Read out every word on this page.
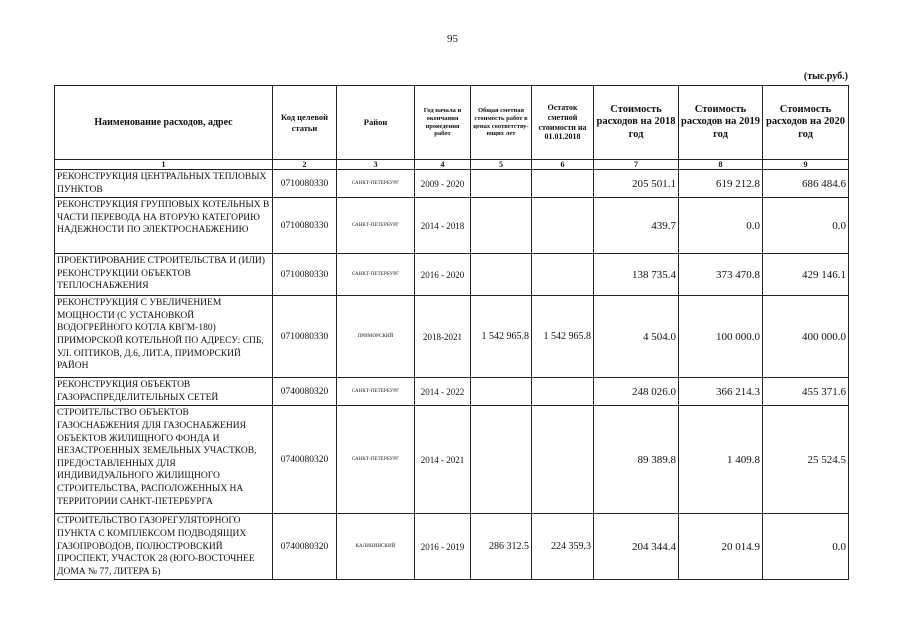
95
(тыс.руб.)
Наименование расходов, адрес	Код целевой статьи	Район	Год начала и окончания проведения работ	Общая сметная стоимость работ в ценах соответству-ющих лет	Остаток сметной стоимости на 01.01.2018	Стоимость расходов на 2018 год	Стоимость расходов на 2019 год	Стоимость расходов на 2020 год
1	2	3	4	5	6	7	8	9
РЕКОНСТРУКЦИЯ ЦЕНТРАЛЬНЫХ ТЕПЛОВЫХ ПУНКТОВ	0710080330	САНКТ-ПЕТЕРБУРГ	2009 - 2020			205 501.1	619 212.8	686 484.6
РЕКОНСТРУКЦИЯ ГРУППОВЫХ КОТЕЛЬНЫХ В ЧАСТИ ПЕРЕВОДА НА ВТОРУЮ КАТЕГОРИЮ НАДЕЖНОСТИ ПО ЭЛЕКТРОСНАБЖЕНИЮ	0710080330	САНКТ-ПЕТЕРБУРГ	2014 - 2018			439.7	0.0	0.0
ПРОЕКТИРОВАНИЕ СТРОИТЕЛЬСТВА И (ИЛИ) РЕКОНСТРУКЦИИ ОБЪЕКТОВ ТЕПЛОСНАБЖЕНИЯ	0710080330	САНКТ-ПЕТЕРБУРГ	2016 - 2020			138 735.4	373 470.8	429 146.1
РЕКОНСТРУКЦИЯ С УВЕЛИЧЕНИЕМ МОЩНОСТИ (С УСТАНОВКОЙ ВОДОГРЕЙНОГО КОТЛА КВГМ-180) ПРИМОРСКОЙ КОТЕЛЬНОЙ ПО АДРЕСУ: СПБ, УЛ. ОПТИКОВ, Д.6, ЛИТ.А, ПРИМОРСКИЙ РАЙОН	0710080330	ПРИМОРСКИЙ	2018-2021	1 542 965.8	1 542 965.8	4 504.0	100 000.0	400 000.0
РЕКОНСТРУКЦИЯ ОБЪЕКТОВ ГАЗОРАСПРЕДЕЛИТЕЛЬНЫХ СЕТЕЙ	0740080320	САНКТ-ПЕТЕРБУРГ	2014 - 2022			248 026.0	366 214.3	455 371.6
СТРОИТЕЛЬСТВО ОБЪЕКТОВ ГАЗОСНАБЖЕНИЯ ДЛЯ ГАЗОСНАБЖЕНИЯ ОБЪЕКТОВ ЖИЛИЩНОГО ФОНДА И НЕЗАСТРОЕННЫХ ЗЕМЕЛЬНЫХ УЧАСТКОВ, ПРЕДОСТАВЛЕННЫХ ДЛЯ ИНДИВИДУАЛЬНОГО ЖИЛИЩНОГО СТРОИТЕЛЬСТВА, РАСПОЛОЖЕННЫХ НА ТЕРРИТОРИИ САНКТ-ПЕТЕРБУРГА	0740080320	САНКТ-ПЕТЕРБУРГ	2014 - 2021			89 389.8	1 409.8	25 524.5
СТРОИТЕЛЬСТВО ГАЗОРЕГУЛЯТОРНОГО ПУНКТА С КОМПЛЕКСОМ ПОДВОДЯЩИХ ГАЗОПРОВОДОВ, ПОЛЮСТРОВСКИЙ ПРОСПЕКТ, УЧАСТОК 28 (ЮГО-ВОСТОЧНЕЕ ДОМА № 77, ЛИТЕРА Б)	0740080320	КАЛИНИНСКИЙ	2016 - 2019	286 312.5	224 359.3	204 344.4	20 014.9	0.0
